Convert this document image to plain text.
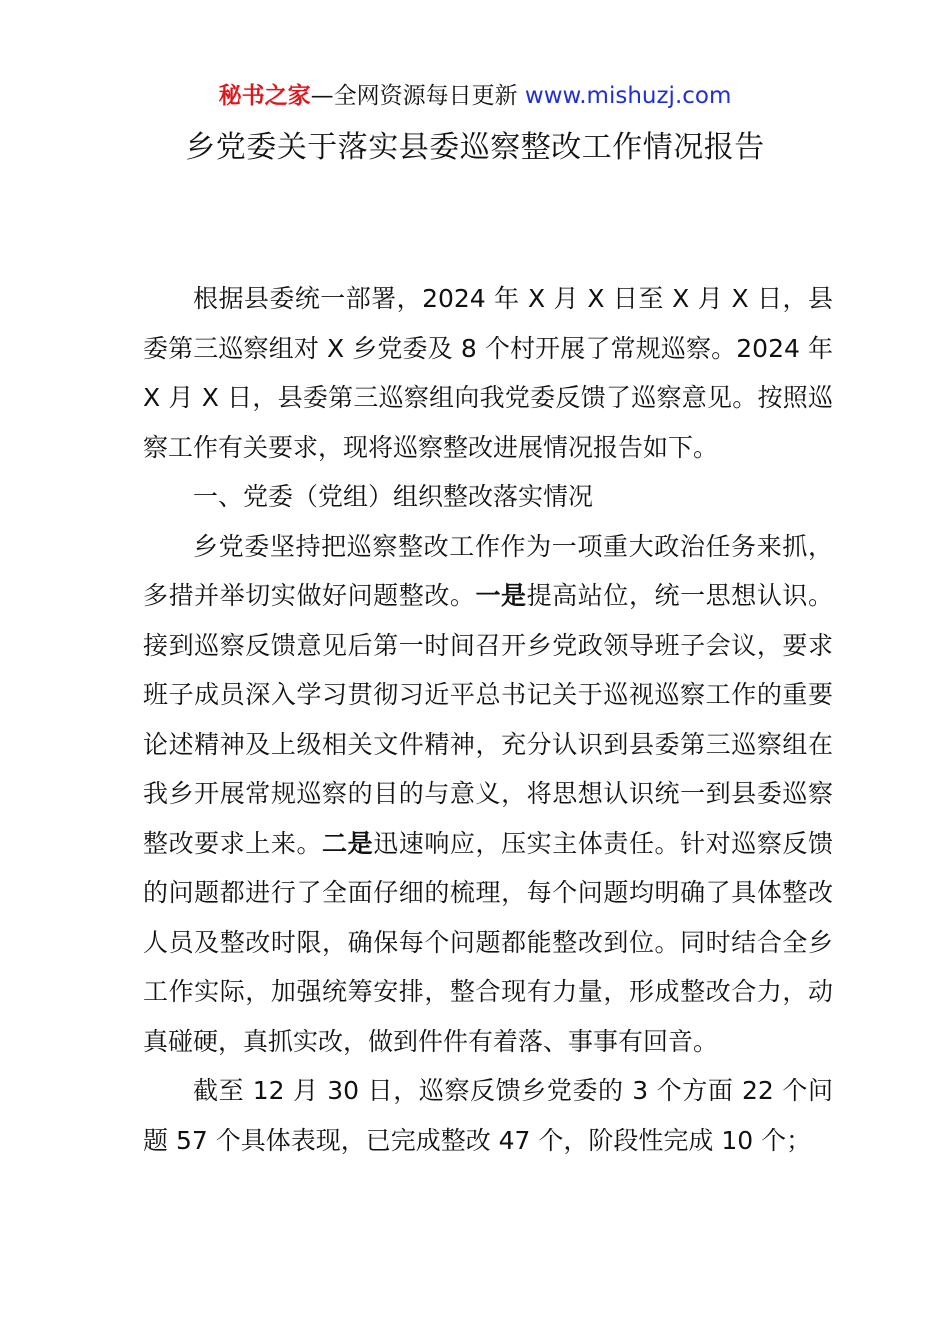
秘书之家—全网资源每日更新 www.mishuzj.com
乡党委关于落实县委巡察整改工作情况报告

根据县委统一部署，2024 年 X 月 X 日至 X 月 X 日，县委第三巡察组对 X 乡党委及 8 个村开展了常规巡察。2024 年 X 月 X 日，县委第三巡察组向我党委反馈了巡察意见。按照巡察工作有关要求，现将巡察整改进展情况报告如下。

一、党委（党组）组织整改落实情况

乡党委坚持把巡察整改工作作为一项重大政治任务来抓，多措并举切实做好问题整改。一是提高站位，统一思想认识。接到巡察反馈意见后第一时间召开乡党政领导班子会议，要求班子成员深入学习贯彻习近平总书记关于巡视巡察工作的重要论述精神及上级相关文件精神，充分认识到县委第三巡察组在我乡开展常规巡察的目的与意义，将思想认识统一到县委巡察整改要求上来。二是迅速响应，压实主体责任。针对巡察反馈的问题都进行了全面仔细的梳理，每个问题均明确了具体整改人员及整改时限，确保每个问题都能整改到位。同时结合全乡工作实际，加强统筹安排，整合现有力量，形成整改合力，动真碰硬，真抓实改，做到件件有着落、事事有回音。

截至 12 月 30 日，巡察反馈乡党委的 3 个方面 22 个问题 57 个具体表现，已完成整改 47 个，阶段性完成 10 个；
